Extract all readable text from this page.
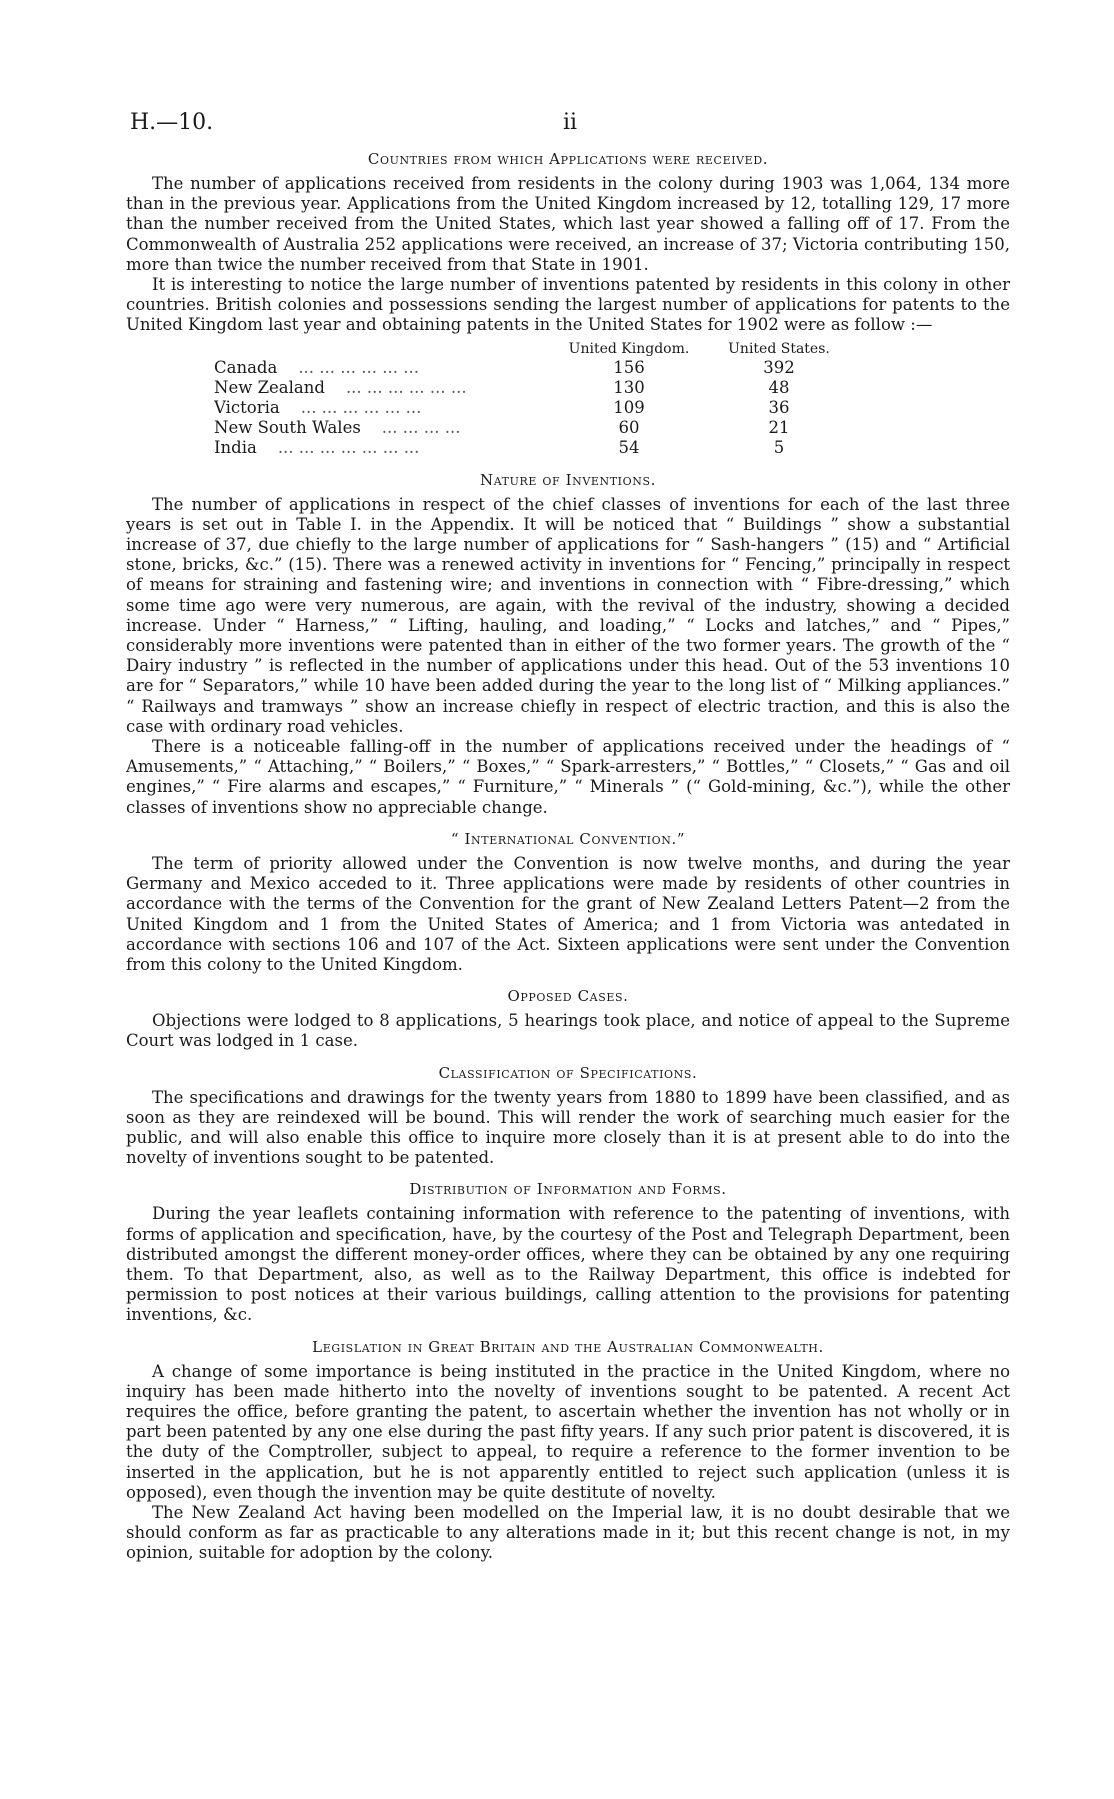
H.—10.	ii
Countries from which Applications were received.

The number of applications received from residents in the colony during 1903 was 1,064, 134 more than in the previous year. Applications from the United Kingdom increased by 12, totalling 129, 17 more than the number received from the United States, which last year showed a falling off of 17. From the Commonwealth of Australia 252 applications were received, an increase of 37; Victoria contributing 150, more than twice the number received from that State in 1901.

It is interesting to notice the large number of inventions patented by residents in this colony in other countries. British colonies and possessions sending the largest number of applications for patents to the United Kingdom last year and obtaining patents in the United States for 1902 were as follow :—

United Kingdom.	United States.
Canada ... ... ... ... ... ...	156	392
New Zealand ... ... ... ... ... ...	130	48
Victoria ... ... ... ... ... ...	109	36
New South Wales ... ... ... ...	60	21
India ... ... ... ... ... ... ...	54	5
Nature of Inventions.

The number of applications in respect of the chief classes of inventions for each of the last three years is set out in Table I. in the Appendix. It will be noticed that “ Buildings ” show a substantial increase of 37, due chiefly to the large number of applications for “ Sash-hangers ” (15) and “ Artificial stone, bricks, &c.” (15). There was a renewed activity in inventions for “ Fencing,” principally in respect of means for straining and fastening wire; and inventions in connection with “ Fibre-dressing,” which some time ago were very numerous, are again, with the revival of the industry, showing a decided increase. Under “ Harness,” “ Lifting, hauling, and loading,” “ Locks and latches,” and “ Pipes,” considerably more inventions were patented than in either of the two former years. The growth of the “ Dairy industry ” is reflected in the number of applications under this head. Out of the 53 inventions 10 are for “ Separators,” while 10 have been added during the year to the long list of “ Milking appliances.” “ Railways and tramways ” show an increase chiefly in respect of electric traction, and this is also the case with ordinary road vehicles.

There is a noticeable falling-off in the number of applications received under the headings of “ Amusements,” “ Attaching,” “ Boilers,” “ Boxes,” “ Spark-arresters,” “ Bottles,” “ Closets,” “ Gas and oil engines,” “ Fire alarms and escapes,” “ Furniture,” “ Minerals ” (“ Gold-mining, &c.”), while the other classes of inventions show no appreciable change.

“ International Convention.”

The term of priority allowed under the Convention is now twelve months, and during the year Germany and Mexico acceded to it. Three applications were made by residents of other countries in accordance with the terms of the Convention for the grant of New Zealand Letters Patent—2 from the United Kingdom and 1 from the United States of America; and 1 from Victoria was antedated in accordance with sections 106 and 107 of the Act. Sixteen applications were sent under the Convention from this colony to the United Kingdom.

Opposed Cases.

Objections were lodged to 8 applications, 5 hearings took place, and notice of appeal to the Supreme Court was lodged in 1 case.

Classification of Specifications.

The specifications and drawings for the twenty years from 1880 to 1899 have been classified, and as soon as they are reindexed will be bound. This will render the work of searching much easier for the public, and will also enable this office to inquire more closely than it is at present able to do into the novelty of inventions sought to be patented.

Distribution of Information and Forms.

During the year leaflets containing information with reference to the patenting of inventions, with forms of application and specification, have, by the courtesy of the Post and Telegraph Department, been distributed amongst the different money-order offices, where they can be obtained by any one requiring them. To that Department, also, as well as to the Railway Department, this office is indebted for permission to post notices at their various buildings, calling attention to the provisions for patenting inventions, &c.

Legislation in Great Britain and the Australian Commonwealth.

A change of some importance is being instituted in the practice in the United Kingdom, where no inquiry has been made hitherto into the novelty of inventions sought to be patented. A recent Act requires the office, before granting the patent, to ascertain whether the invention has not wholly or in part been patented by any one else during the past fifty years. If any such prior patent is discovered, it is the duty of the Comptroller, subject to appeal, to require a reference to the former invention to be inserted in the application, but he is not apparently entitled to reject such application (unless it is opposed), even though the invention may be quite destitute of novelty.

The New Zealand Act having been modelled on the Imperial law, it is no doubt desirable that we should conform as far as practicable to any alterations made in it; but this recent change is not, in my opinion, suitable for adoption by the colony.
